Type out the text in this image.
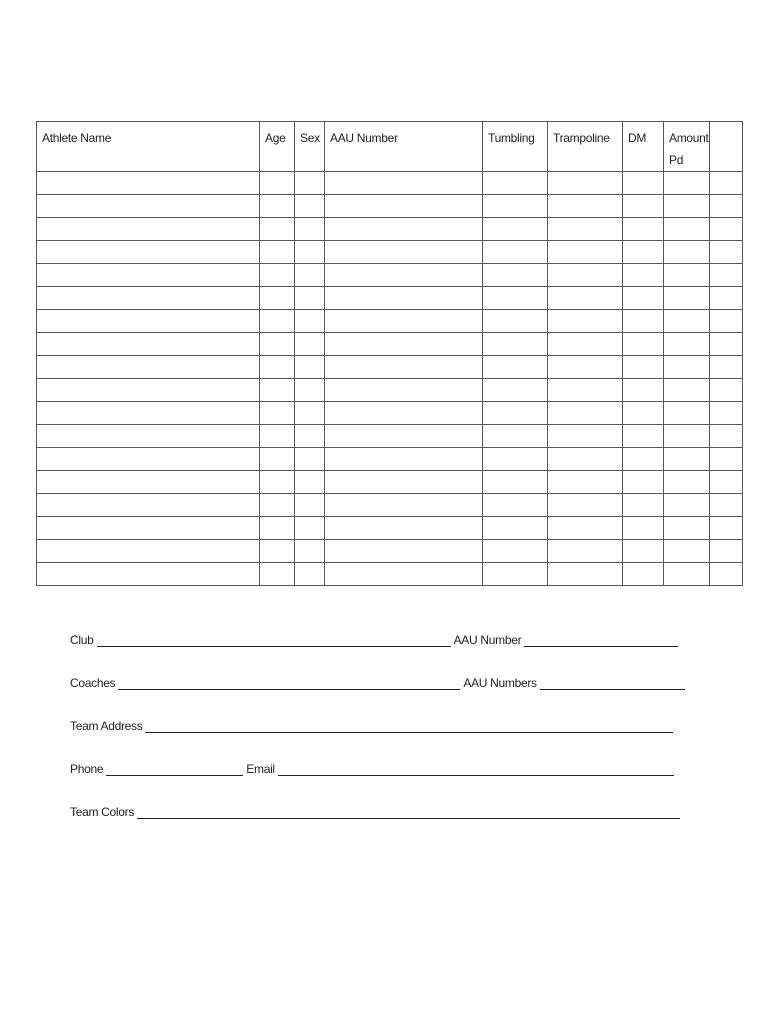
Athlete Name	Age	Sex	AAU Number	Tumbling	Trampoline	DM	Amount
Pd	

Club	AAU Number
Coaches	AAU Numbers
Team Address
Phone	Email
Team Colors
